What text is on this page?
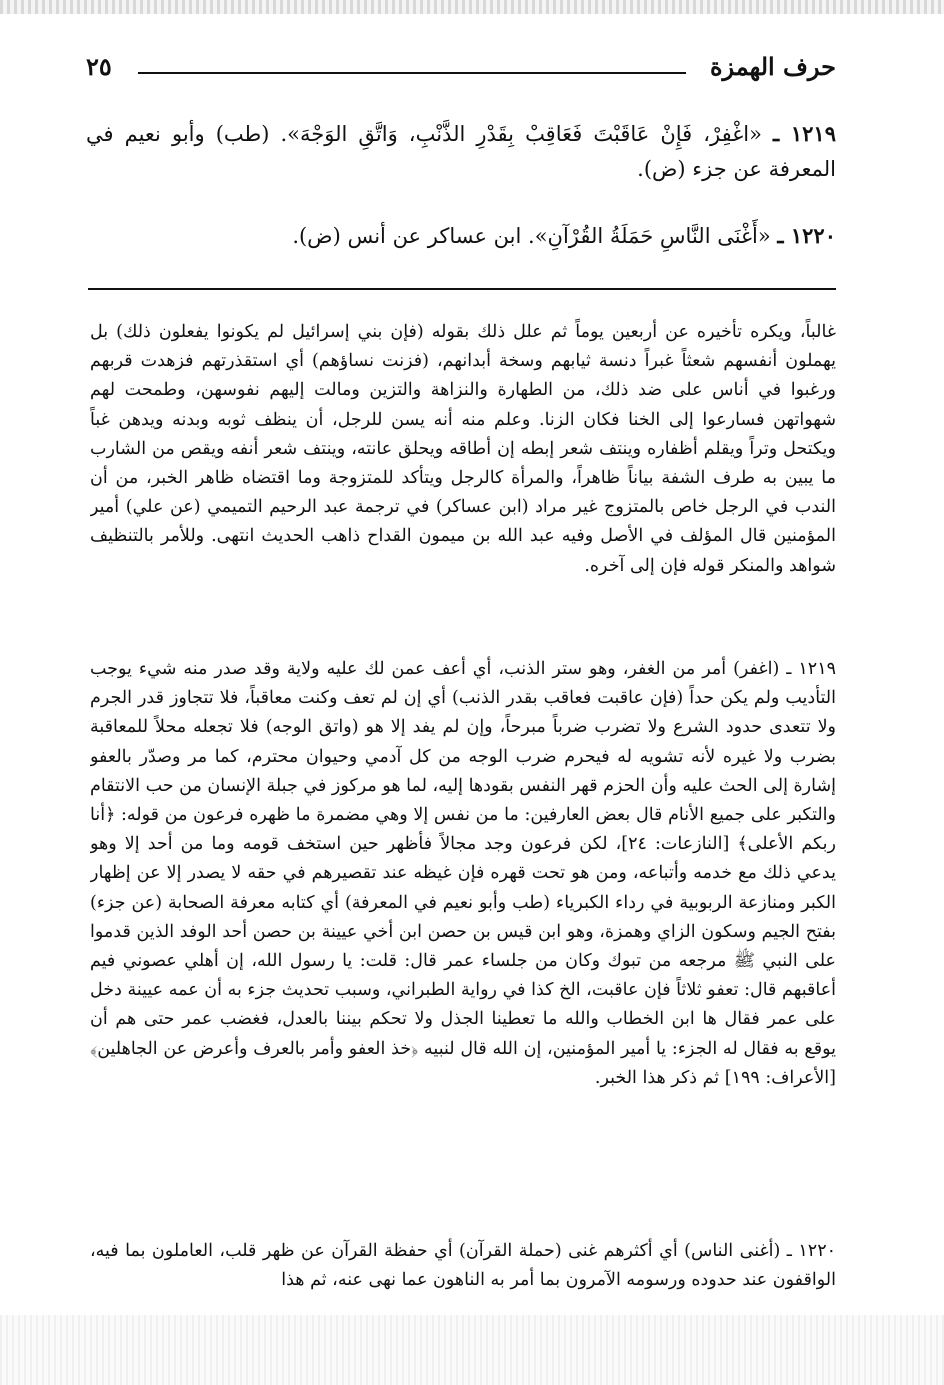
حرف الهمزة
٢٥
١٢١٩ ـ «اغْفِرْ، فَإِنْ عَاقَبْتَ فَعَاقِبْ بِقَدْرِ الذَّنْبِ، وَاتَّقِ الوَجْهَ». (طب) وأبو نعيم في المعرفة عن جزء (ض).
١٢٢٠ ـ «أَغْنَى النَّاسِ حَمَلَةُ القُرْآنِ». ابن عساكر عن أنس (ض).

غالباً، ويكره تأخيره عن أربعين يوماً ثم علل ذلك بقوله (فإن بني إسرائيل لم يكونوا يفعلون ذلك) بل يهملون أنفسهم شعثاً غبراً دنسة ثيابهم وسخة أبدانهم، (فزنت نساؤهم) أي استقذرتهم فزهدت قربهم ورغبوا في أناس على ضد ذلك، من الطهارة والنزاهة والتزين ومالت إليهم نفوسهن، وطمحت لهم شهواتهن فسارعوا إلى الخنا فكان الزنا. وعلم منه أنه يسن للرجل، أن ينظف ثوبه وبدنه ويدهن غباً ويكتحل وتراً ويقلم أظفاره وينتف شعر إبطه إن أطاقه ويحلق عانته، وينتف شعر أنفه ويقص من الشارب ما يبين به طرف الشفة بياناً ظاهراً، والمرأة كالرجل ويتأكد للمتزوجة وما اقتضاه ظاهر الخبر، من أن الندب في الرجل خاص بالمتزوج غير مراد (ابن عساكر) في ترجمة عبد الرحيم التميمي (عن علي) أمير المؤمنين قال المؤلف في الأصل وفيه عبد الله بن ميمون القداح ذاهب الحديث انتهى. وللأمر بالتنظيف شواهد والمنكر قوله فإن إلى آخره.

١٢١٩ ـ (اغفر) أمر من الغفر، وهو ستر الذنب، أي أعف عمن لك عليه ولاية وقد صدر منه شيء يوجب التأديب ولم يكن حداً (فإن عاقبت فعاقب بقدر الذنب) أي إن لم تعف وكنت معاقباً، فلا تتجاوز قدر الجرم ولا تتعدى حدود الشرع ولا تضرب ضرباً مبرحاً، وإن لم يفد إلا هو (واتق الوجه) فلا تجعله محلاً للمعاقبة بضرب ولا غيره لأنه تشويه له فيحرم ضرب الوجه من كل آدمي وحيوان محترم، كما مر وصدّر بالعفو إشارة إلى الحث عليه وأن الحزم قهر النفس بقودها إليه، لما هو مركوز في جبلة الإنسان من حب الانتقام والتكبر على جميع الأنام قال بعض العارفين: ما من نفس إلا وهي مضمرة ما ظهره فرعون من قوله: ﴿أنا ربكم الأعلى﴾ [النازعات: ٢٤]، لكن فرعون وجد مجالاً فأظهر حين استخف قومه وما من أحد إلا وهو يدعي ذلك مع خدمه وأتباعه، ومن هو تحت قهره فإن غيظه عند تقصيرهم في حقه لا يصدر إلا عن إظهار الكبر ومنازعة الربوبية في رداء الكبرياء (طب وأبو نعيم في المعرفة) أي كتابه معرفة الصحابة (عن جزء) بفتح الجيم وسكون الزاي وهمزة، وهو ابن قيس بن حصن ابن أخي عيينة بن حصن أحد الوفد الذين قدموا على النبي ﷺ مرجعه من تبوك وكان من جلساء عمر قال: قلت: يا رسول الله، إن أهلي عصوني فيم أعاقبهم قال: تعفو ثلاثاً فإن عاقبت، الخ كذا في رواية الطبراني، وسبب تحديث جزء به أن عمه عيينة دخل على عمر فقال ها ابن الخطاب والله ما تعطينا الجذل ولا تحكم بيننا بالعدل، فغضب عمر حتى هم أن يوقع به فقال له الجزء: يا أمير المؤمنين، إن الله قال لنبيه ﴿خذ العفو وأمر بالعرف وأعرض عن الجاهلين﴾ [الأعراف: ١٩٩] ثم ذكر هذا الخبر.

١٢٢٠ ـ (أغنى الناس) أي أكثرهم غنى (حملة القرآن) أي حفظة القرآن عن ظهر قلب، العاملون بما فيه، الواقفون عند حدوده ورسومه الآمرون بما أمر به الناهون عما نهى عنه، ثم هذا
